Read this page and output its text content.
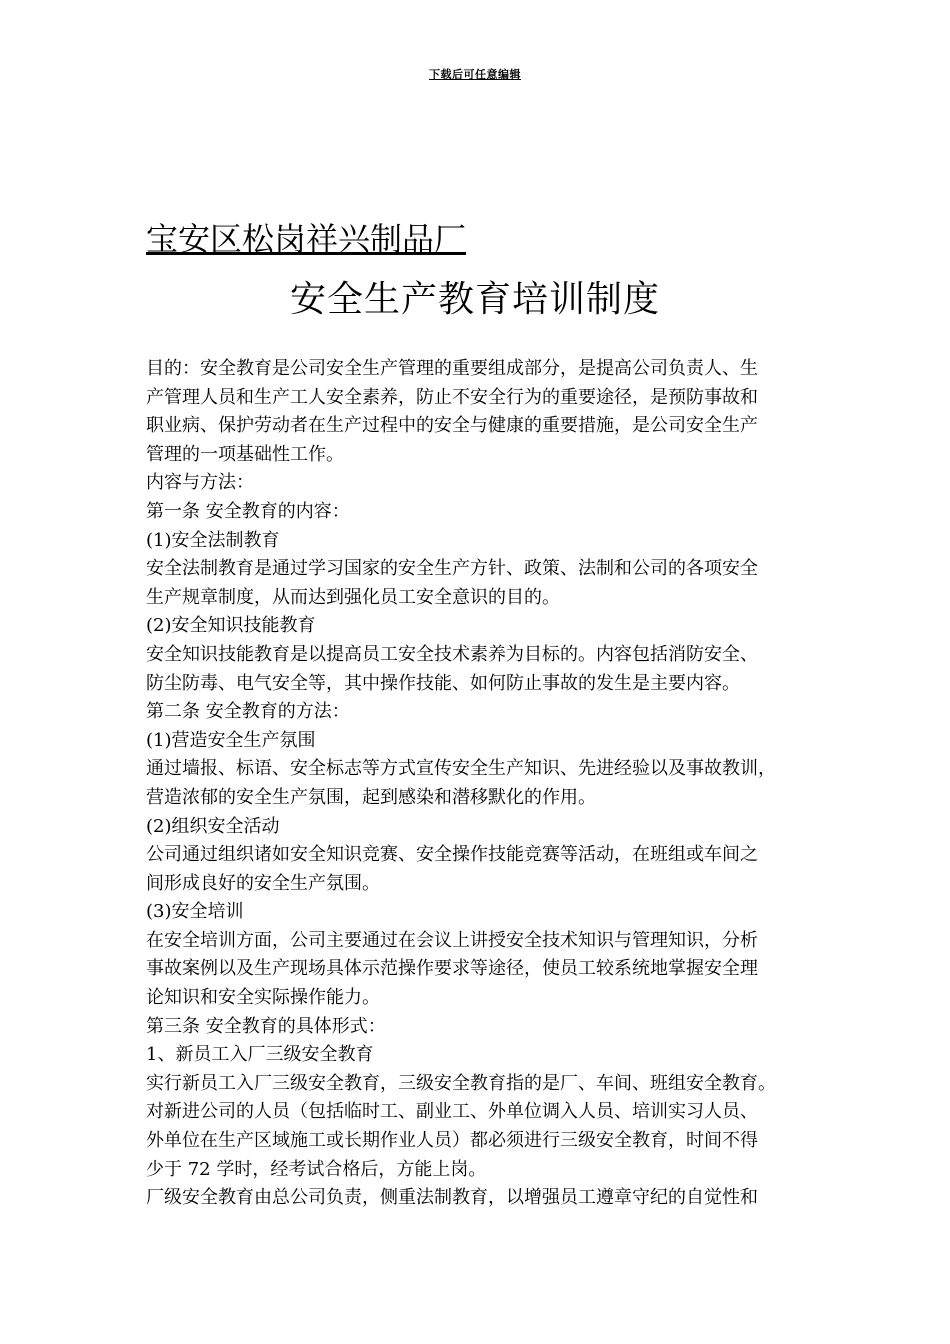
下载后可任意编辑
宝安区松岗祥兴制品厂
安全生产教育培训制度

目的：安全教育是公司安全生产管理的重要组成部分，是提高公司负责人、生

产管理人员和生产工人安全素养，防止不安全行为的重要途径，是预防事故和

职业病、保护劳动者在生产过程中的安全与健康的重要措施，是公司安全生产

管理的一项基础性工作。

内容与方法：

第一条 安全教育的内容：

(1)安全法制教育

安全法制教育是通过学习国家的安全生产方针、政策、法制和公司的各项安全

生产规章制度，从而达到强化员工安全意识的目的。

(2)安全知识技能教育

安全知识技能教育是以提高员工安全技术素养为目标的。内容包括消防安全、

防尘防毒、电气安全等，其中操作技能、如何防止事故的发生是主要内容。

第二条 安全教育的方法：

(1)营造安全生产氛围

通过墙报、标语、安全标志等方式宣传安全生产知识、先进经验以及事故教训，

营造浓郁的安全生产氛围，起到感染和潜移默化的作用。

(2)组织安全活动

公司通过组织诸如安全知识竞赛、安全操作技能竞赛等活动，在班组或车间之

间形成良好的安全生产氛围。

(3)安全培训

在安全培训方面，公司主要通过在会议上讲授安全技术知识与管理知识，分析

事故案例以及生产现场具体示范操作要求等途径，使员工较系统地掌握安全理

论知识和安全实际操作能力。

第三条 安全教育的具体形式：

1、新员工入厂三级安全教育

实行新员工入厂三级安全教育，三级安全教育指的是厂、车间、班组安全教育。

对新进公司的人员（包括临时工、副业工、外单位调入人员、培训实习人员、

外单位在生产区域施工或长期作业人员）都必须进行三级安全教育，时间不得

少于 72 学时，经考试合格后，方能上岗。

厂级安全教育由总公司负责，侧重法制教育，以增强员工遵章守纪的自觉性和
